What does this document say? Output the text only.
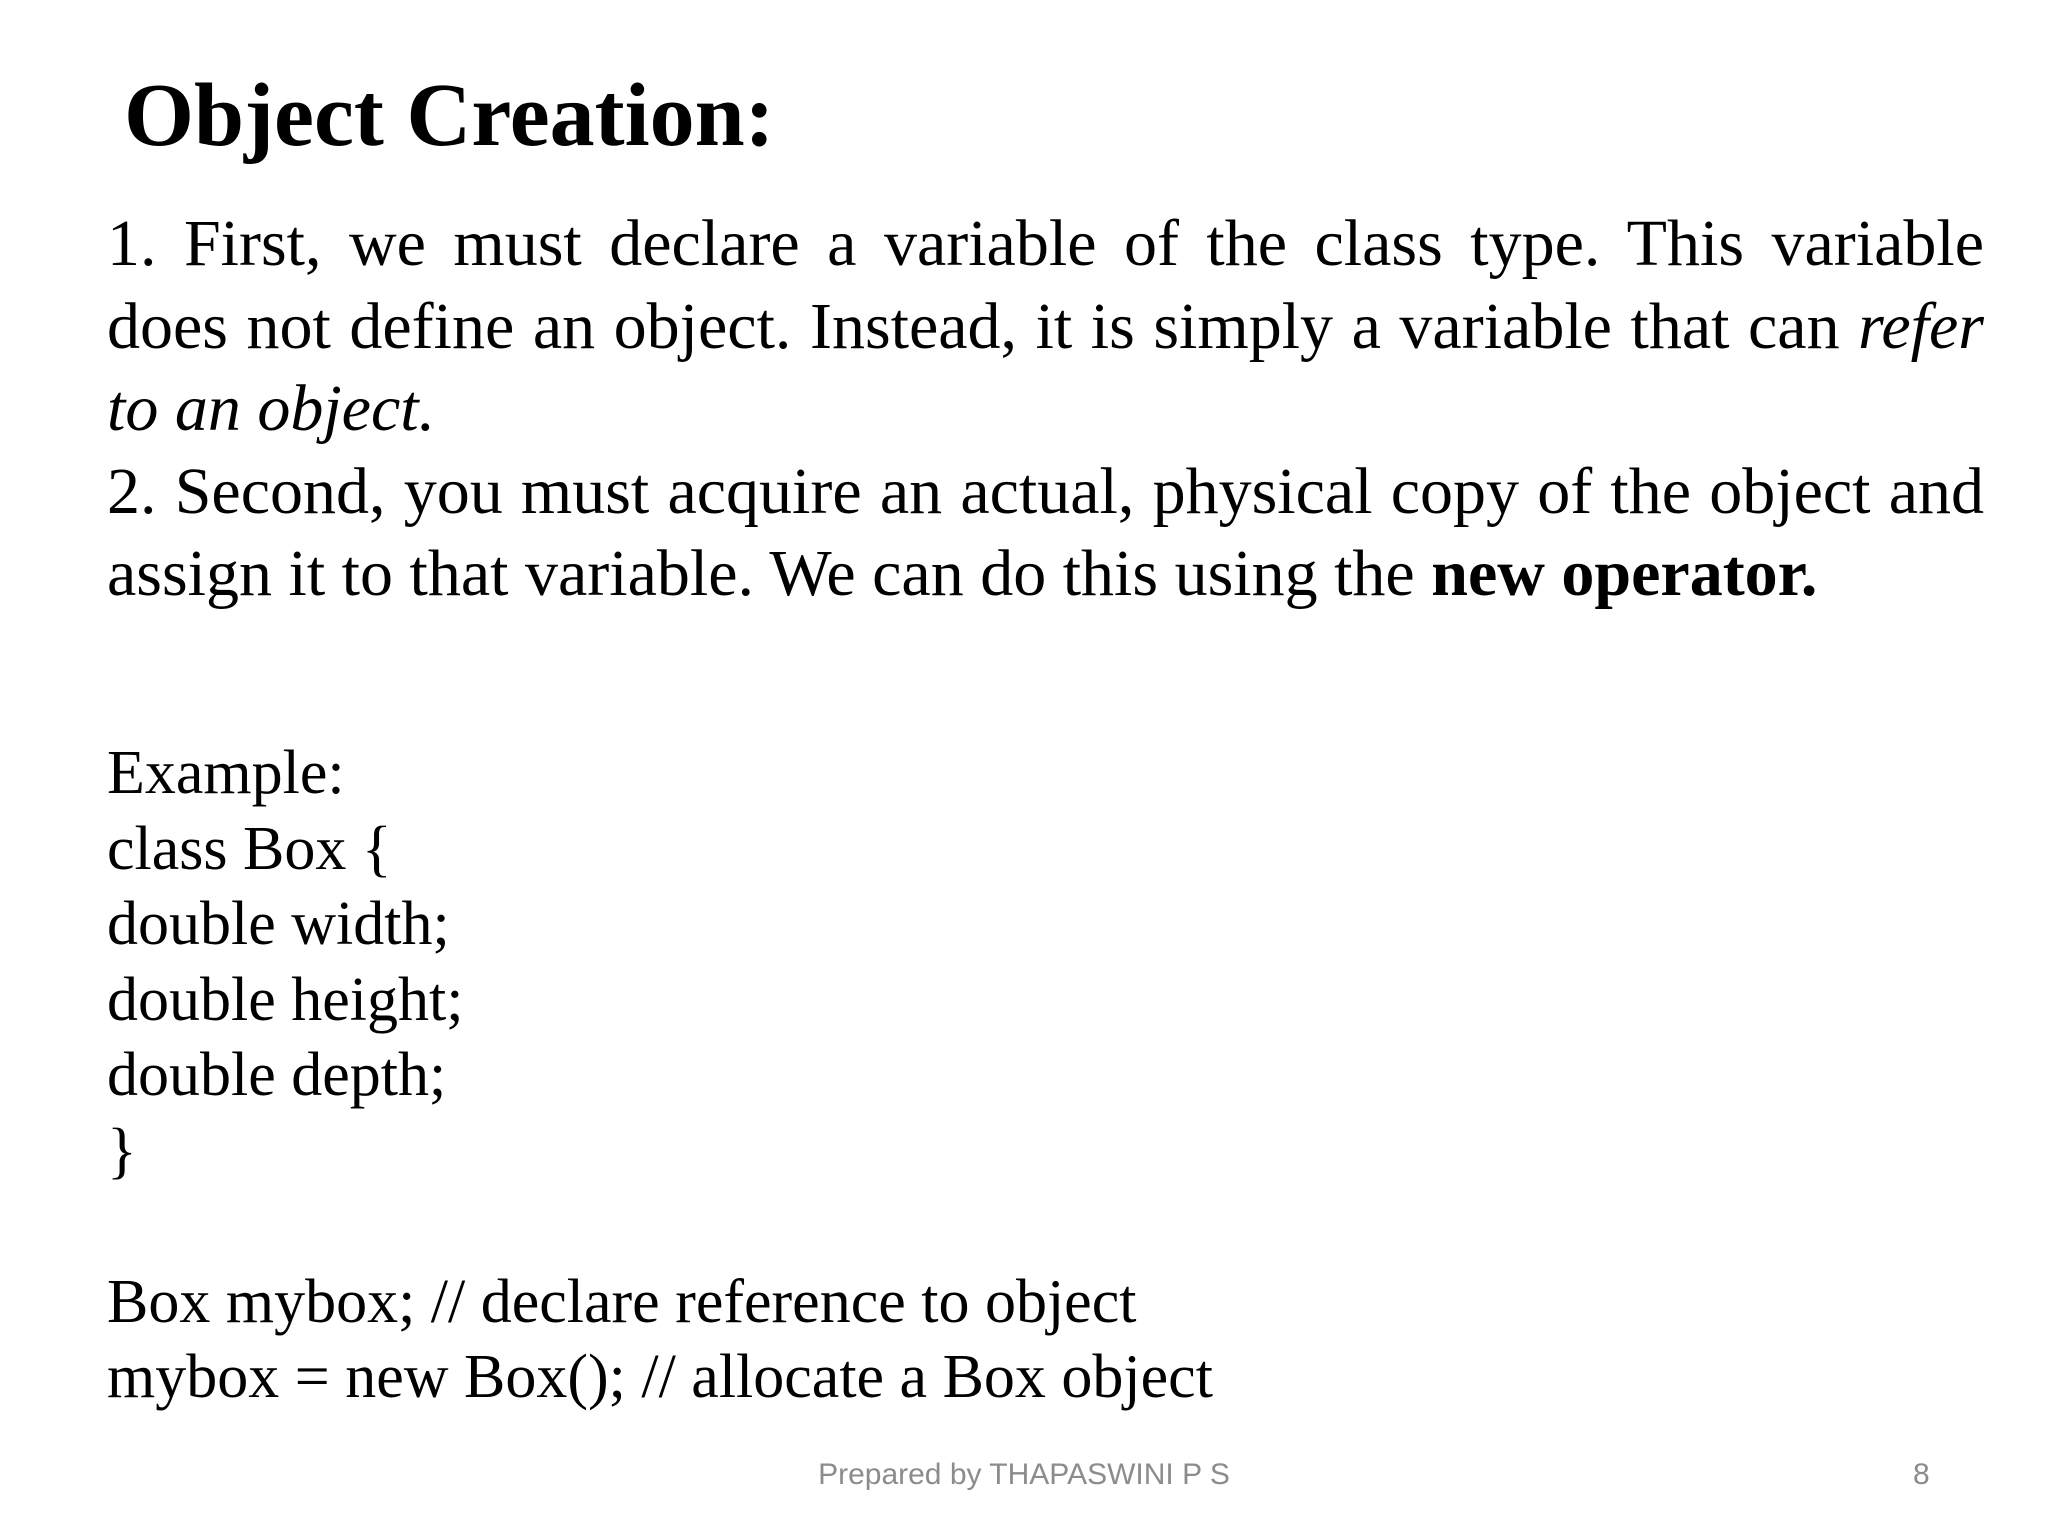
Object Creation:

1. First, we must declare a variable of the class type. This variable does not define an object. Instead, it is simply a variable that can refer to an object.

2. Second, you must acquire an actual, physical copy of the object and assign it to that variable. We can do this using the new operator.

Example:
class Box {
double width;
double height;
double depth;
}
Box mybox; // declare reference to object
mybox = new Box(); // allocate a Box object
Prepared by THAPASWINI P S	8
